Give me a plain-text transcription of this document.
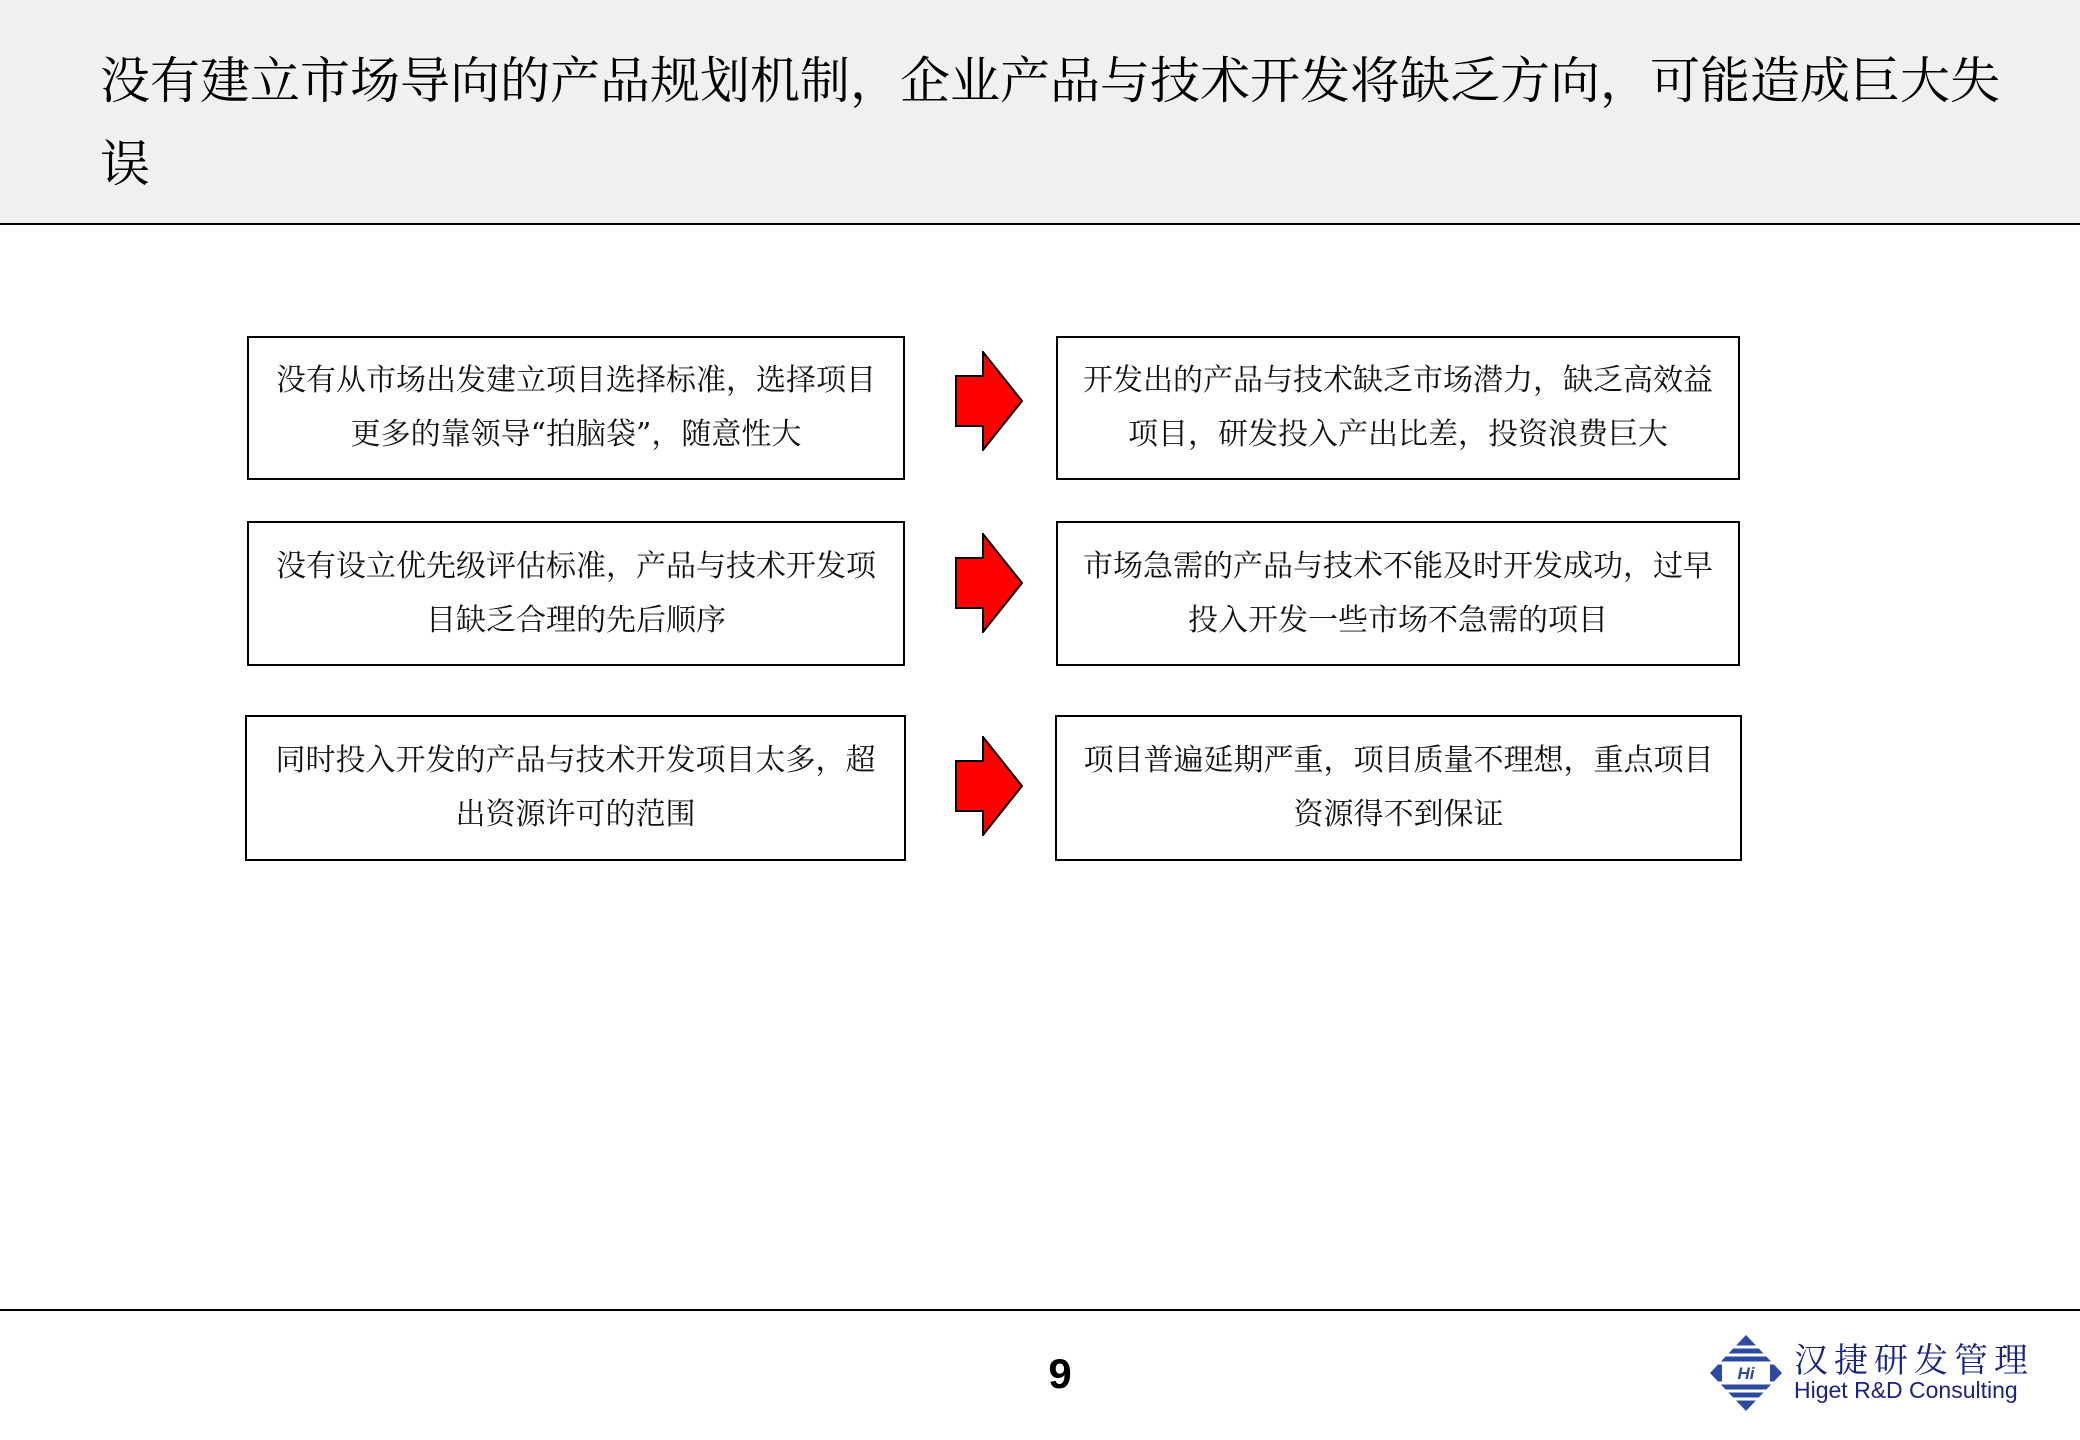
没有建立市场导向的产品规划机制，企业产品与技术开发将缺乏方向，可能造成巨大失误
没有从市场出发建立项目选择标准，选择项目更多的靠领导“拍脑袋”，随意性大
开发出的产品与技术缺乏市场潜力，缺乏高效益项目，研发投入产出比差，投资浪费巨大
没有设立优先级评估标准，产品与技术开发项目缺乏合理的先后顺序
市场急需的产品与技术不能及时开发成功，过早投入开发一些市场不急需的项目
同时投入开发的产品与技术开发项目太多，超出资源许可的范围
项目普遍延期严重，项目质量不理想，重点项目资源得不到保证
9	Hi 汉捷研发管理
Higet R&D Consulting
